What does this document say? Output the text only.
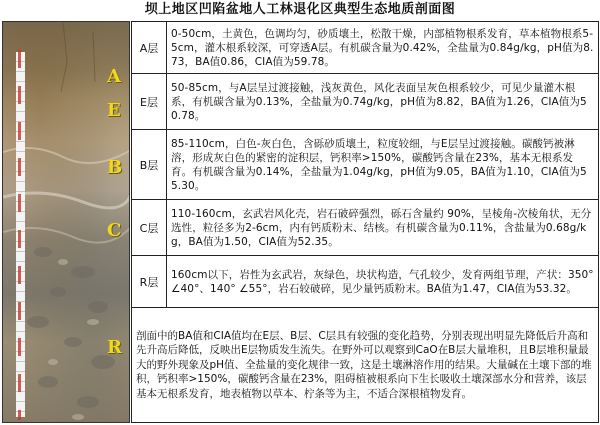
坝上地区凹陷盆地人工林退化区典型生态地质剖面图
A
E
B
C
R
A层	0-50cm，土黄色，色调均匀，砂质壤土，松散干燥，内部植物根系发育，草本植物根系5-5cm，灌木根系较深，可穿透A层。有机碳含量为0.42%，全盐量为0.84g/kg，pH值为8.73，BA值0.86，CIA值为59.78。
E层	50-85cm，与A层呈过渡接触，浅灰黄色，风化表面呈灰色根系较少，可见少量灌木根系，有机碳含量为0.13%，全盐量为0.74g/kg，pH值为8.82，BA值为1.26，CIA值为50.78。
B层	85-110cm，白色-灰白色，含砾砂质壤土，粒度较细，与E层呈过渡接触。碳酸钙被淋溶，形成灰白色的紧密的淀积层，钙积率>150%，碳酸钙含量在23%，基本无根系发育。有机碳含量为0.14%，全盐量为1.04g/kg，pH值为9.05，BA值为1.10，CIA值为55.30。
C层	110-160cm，玄武岩风化壳，岩石破碎强烈，砾石含量约 90%，呈棱角-次棱角状，无分选性，粒径多为2-6cm，内有钙质粉末、结核。有机碳含量为0.11%，含盐量为0.68g/kg，BA值为1.50，CIA值为52.35。
R层	160cm以下，岩性为玄武岩，灰绿色，块状构造，气孔较少，发育两组节理，产状：350° ∠40°、140° ∠55°，岩石较破碎，见少量钙质粉末。BA值为1.47，CIA值为53.32。
剖面中的BA值和CIA值均在E层、B层、C层具有较强的变化趋势，分别表现出明显先降低后升高和先升高后降低，反映出E层物质发生流失。在野外可以观察到CaO在B层大量堆积，且B层堆积量最大的野外现象及pH值、全盐量的变化规律一致，这是土壤淋溶作用的结果。大量碱在土壤下部的堆积，钙积率>150%，碳酸钙含量在23%，阻碍植被根系向下生长吸收土壤深部水分和营养，该层基本无根系发育，地表植物以草本、柠条等为主，不适合深根植物发育。	
